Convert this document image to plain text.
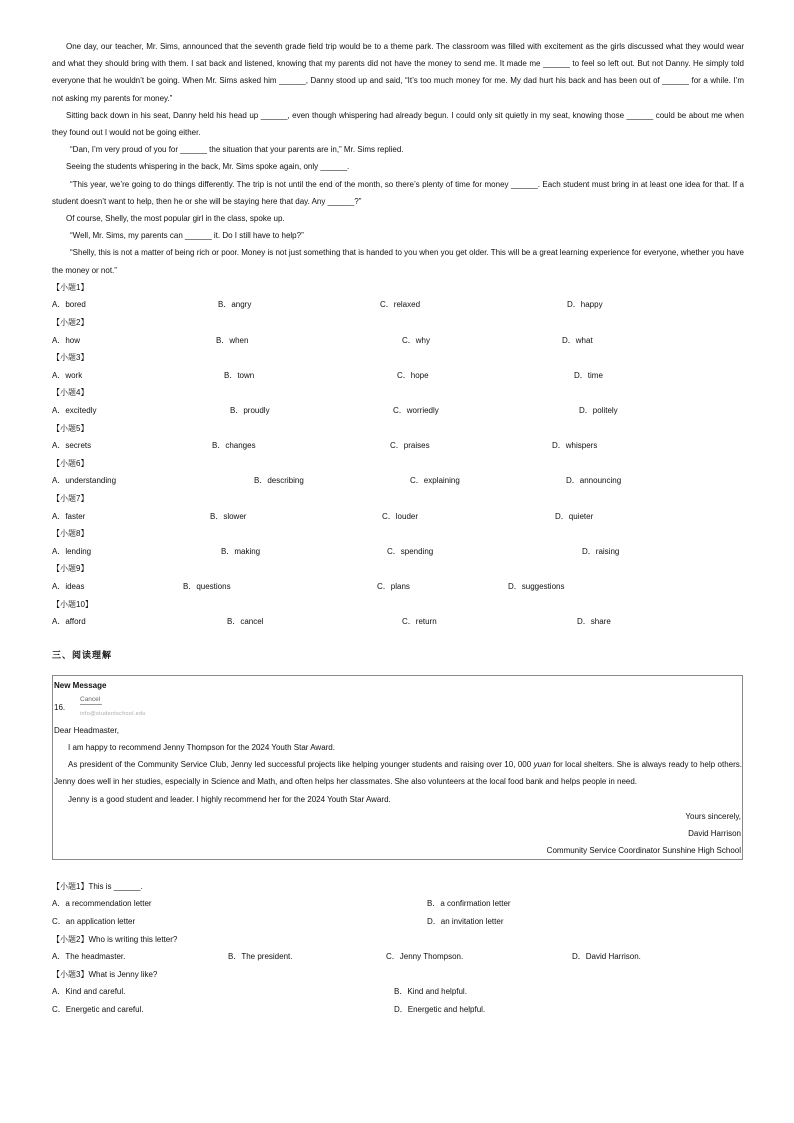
One day, our teacher, Mr. Sims, announced that the seventh grade field trip would be to a theme park. The classroom was filled with excitement as the girls discussed what they would wear and what they should bring with them. I sat back and listened, knowing that my parents did not have the money to send me. It made me ______ to feel so left out. But not Danny. He simply told everyone that he wouldn’t be going. When Mr. Sims asked him ______, Danny stood up and said, “It’s too much money for me. My dad hurt his back and has been out of ______ for a while. I’m not asking my parents for money.”

Sitting back down in his seat, Danny held his head up ______, even though whispering had already begun. I could only sit quietly in my seat, knowing those ______ could be about me when they found out I would not be going either.

“Dan, I’m very proud of you for ______ the situation that your parents are in,” Mr. Sims replied.

Seeing the students whispering in the back, Mr. Sims spoke again, only ______.

“This year, we’re going to do things differently. The trip is not until the end of the month, so there’s plenty of time for money ______. Each student must bring in at least one idea for that. If a student doesn’t want to help, then he or she will be staying here that day. Any ______?”

Of course, Shelly, the most popular girl in the class, spoke up.

“Well, Mr. Sims, my parents can ______ it. Do I still have to help?”

“Shelly, this is not a matter of being rich or poor. Money is not just something that is handed to you when you get older. This will be a great learning experience for everyone, whether you have the money or not.”

【小题1】
A．bored	B．angry	C．relaxed	D．happy
【小题2】
A．how	B．when	C．why	D．what
【小题3】
A．work	B．town	C．hope	D．time
【小题4】
A．excitedly	B．proudly	C．worriedly	D．politely
【小题5】
A．secrets	B．changes	C．praises	D．whispers
【小题6】
A．understanding	B．describing	C．explaining	D．announcing
【小题7】
A．faster	B．slower	C．louder	D．quieter
【小题8】
A．lending	B．making	C．spending	D．raising
【小题9】
A．ideas	B．questions	C．plans	D．suggestions
【小题10】
A．afford	B．cancel	C．return	D．share
三、阅读理解
New Message
16.
Cancel
info@studentschool.edu

Dear Headmaster,

I am happy to recommend Jenny Thompson for the 2024 Youth Star Award.

As president of the Community Service Club, Jenny led successful projects like helping younger students and raising over 10, 000 yuan for local shelters. She is always ready to help others. Jenny does well in her studies, especially in Science and Math, and often helps her classmates. She also volunteers at the local food bank and helps people in need.

Jenny is a good student and leader. I highly recommend her for the 2024 Youth Star Award.

Yours sincerely,
David Harrison
Community Service Coordinator Sunshine High School
【小题1】This is ______.
A．a recommendation letter	B．a confirmation letter
C．an application letter	D．an invitation letter
【小题2】Who is writing this letter?
A．The headmaster.	B．The president.	C．Jenny Thompson.	D．David Harrison.
【小题3】What is Jenny like?
A．Kind and careful.	B．Kind and helpful.
C．Energetic and careful.	D．Energetic and helpful.
